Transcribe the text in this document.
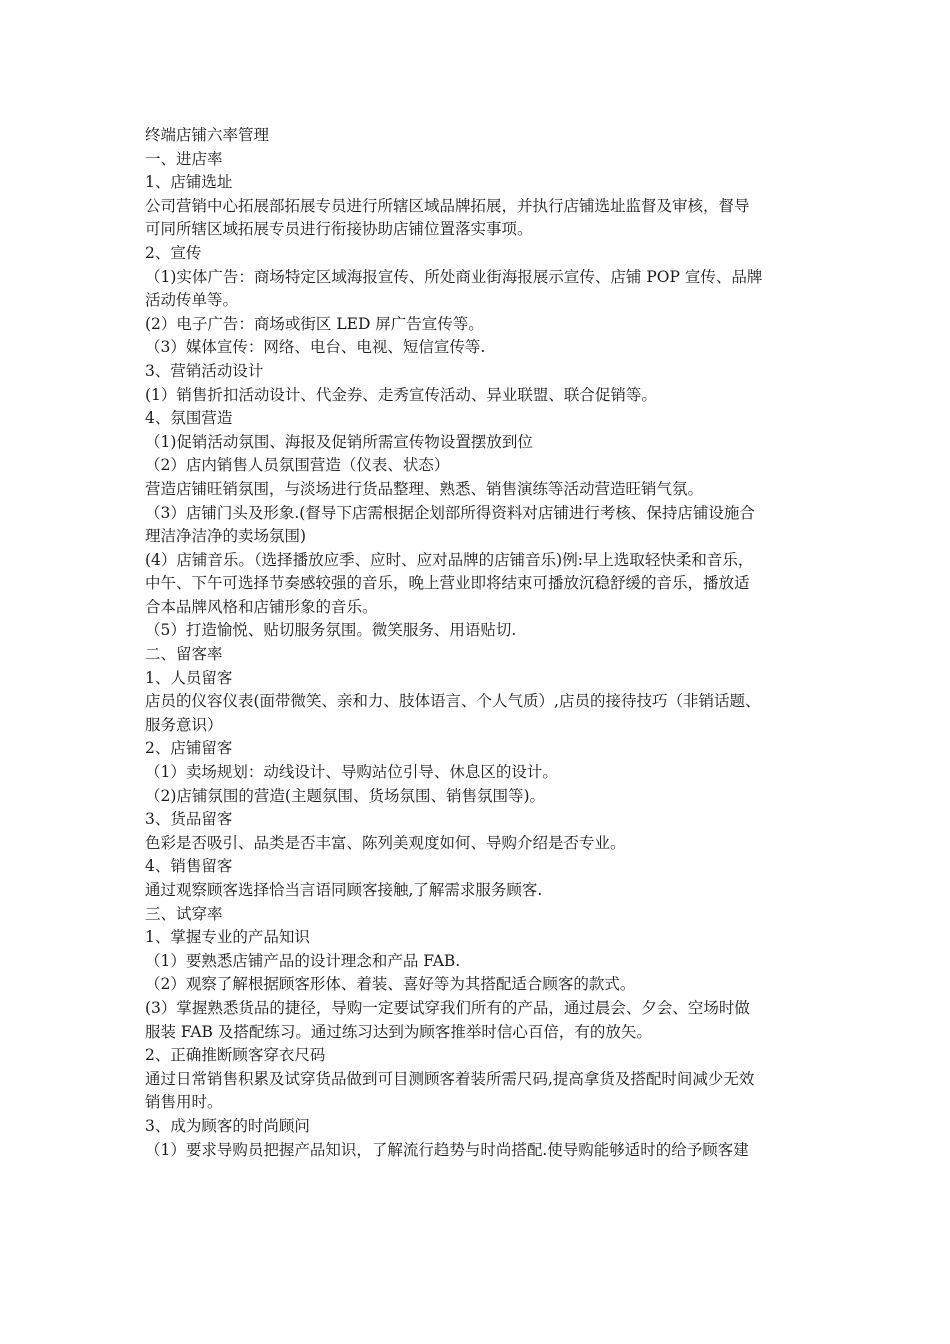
终端店铺六率管理

一、进店率

1、店铺选址

公司营销中心拓展部拓展专员进行所辖区域品牌拓展，并执行店铺选址监督及审核，督导

可同所辖区域拓展专员进行衔接协助店铺位置落实事项。

2、宣传

（1)实体广告：商场特定区域海报宣传、所处商业街海报展示宣传、店铺 POP 宣传、品牌

活动传单等。

(2）电子广告：商场或街区 LED 屏广告宣传等。

（3）媒体宣传：网络、电台、电视、短信宣传等.

3、营销活动设计

(1）销售折扣活动设计、代金券、走秀宣传活动、异业联盟、联合促销等。

4、氛围营造

（1)促销活动氛围、海报及促销所需宣传物设置摆放到位

（2）店内销售人员氛围营造（仪表、状态）

营造店铺旺销氛围，与淡场进行货品整理、熟悉、销售演练等活动营造旺销气氛。

（3）店铺门头及形象.(督导下店需根据企划部所得资料对店铺进行考核、保持店铺设施合

理洁净洁净的卖场氛围)

(4）店铺音乐。（选择播放应季、应时、应对品牌的店铺音乐)例:早上选取轻快柔和音乐，

中午、下午可选择节奏感较强的音乐，晚上营业即将结束可播放沉稳舒缓的音乐，播放适

合本品牌风格和店铺形象的音乐。

（5）打造愉悦、贴切服务氛围。微笑服务、用语贴切.

二、留客率

1、人员留客

店员的仪容仪表(面带微笑、亲和力、肢体语言、个人气质）,店员的接待技巧（非销话题、

服务意识）

2、店铺留客

（1）卖场规划：动线设计、导购站位引导、休息区的设计。

（2)店铺氛围的营造(主题氛围、货场氛围、销售氛围等)。

3、货品留客

色彩是否吸引、品类是否丰富、陈列美观度如何、导购介绍是否专业。

4、销售留客

通过观察顾客选择恰当言语同顾客接触,了解需求服务顾客.

三、试穿率

1、掌握专业的产品知识

（1）要熟悉店铺产品的设计理念和产品 FAB.

（2）观察了解根据顾客形体、着装、喜好等为其搭配适合顾客的款式。

(3）掌握熟悉货品的捷径，导购一定要试穿我们所有的产品，通过晨会、夕会、空场时做

服装 FAB 及搭配练习。通过练习达到为顾客推举时信心百倍，有的放矢。

2、正确推断顾客穿衣尺码

通过日常销售积累及试穿货品做到可目测顾客着装所需尺码,提高拿货及搭配时间减少无效

销售用时。

3、成为顾客的时尚顾问

（1）要求导购员把握产品知识，了解流行趋势与时尚搭配.使导购能够适时的给予顾客建
